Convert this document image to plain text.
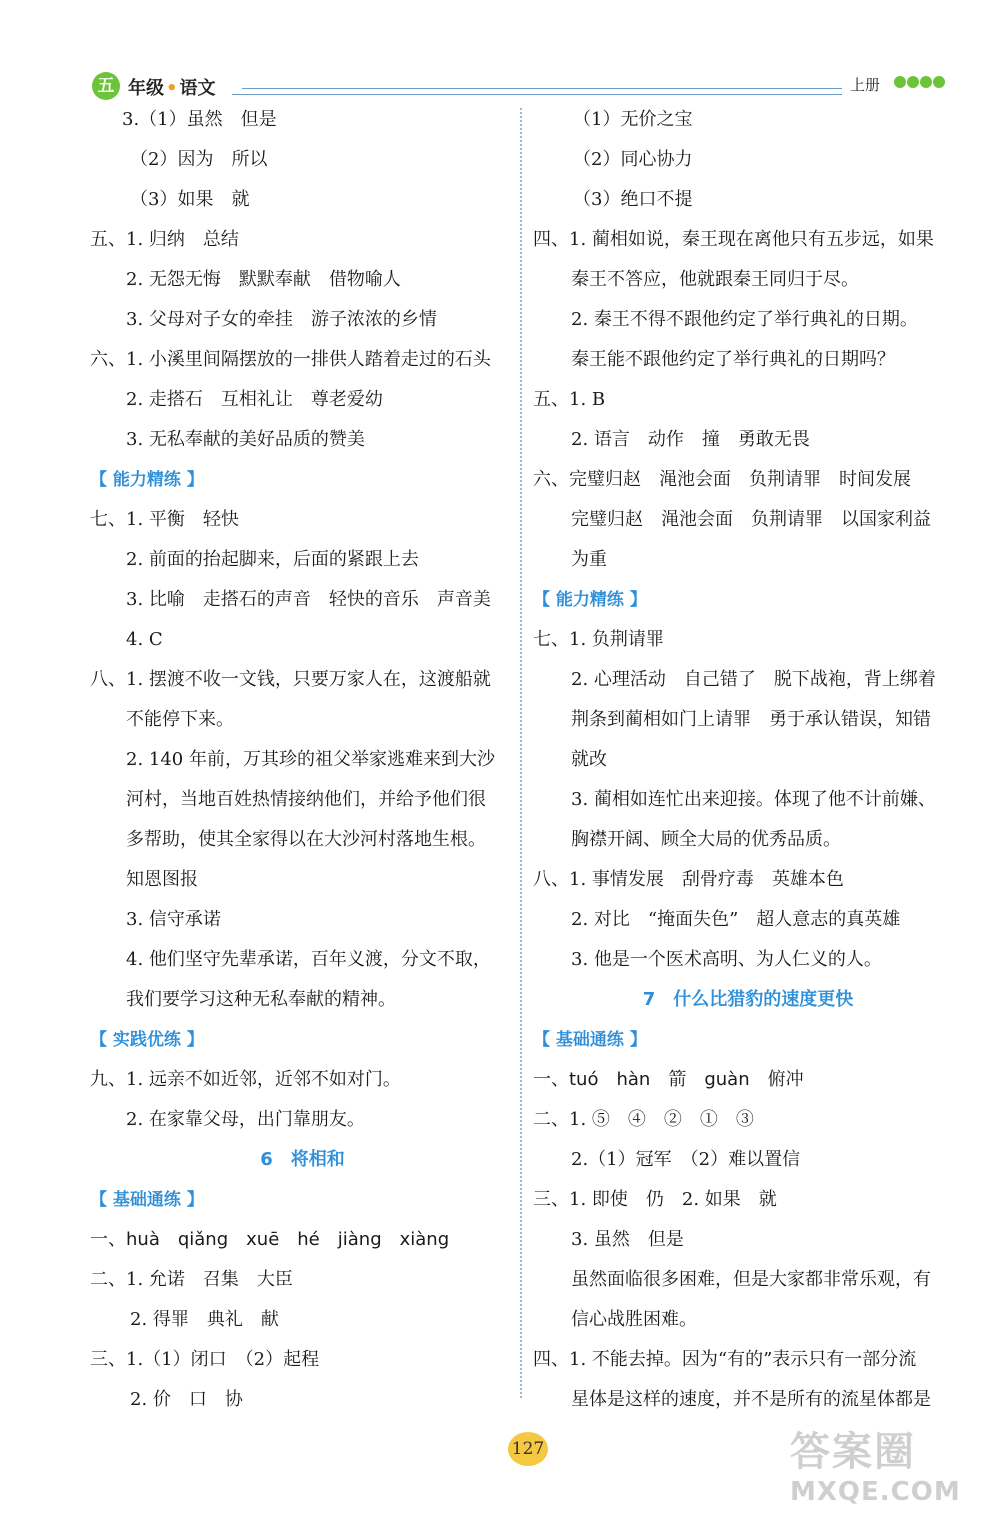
五 年级 • 语文	上册
3.（1）虽然　但是
（2）因为　所以
（3）如果　就
五、1. 归纳　总结
2. 无怨无悔　默默奉献　借物喻人
3. 父母对子女的牵挂　游子浓浓的乡情
六、1. 小溪里间隔摆放的一排供人踏着走过的石头
2. 走搭石　互相礼让　尊老爱幼
3. 无私奉献的美好品质的赞美
【 能力精练 】
七、1. 平衡　轻快
2. 前面的抬起脚来，后面的紧跟上去
3. 比喻　走搭石的声音　轻快的音乐　声音美
4. C
八、1. 摆渡不收一文钱，只要万家人在，这渡船就
不能停下来。
2. 140 年前，万其珍的祖父举家逃难来到大沙
河村，当地百姓热情接纳他们，并给予他们很
多帮助，使其全家得以在大沙河村落地生根。
知恩图报
3. 信守承诺
4. 他们坚守先辈承诺，百年义渡，分文不取，
我们要学习这种无私奉献的精神。
【 实践优练 】
九、1. 远亲不如近邻，近邻不如对门。
2. 在家靠父母，出门靠朋友。
6　将相和
【 基础通练 】
一、huà　qiǎng　xuē　hé　jiàng　xiàng
二、1. 允诺　召集　大臣
2. 得罪　典礼　献
三、1.（1）闭口　（2）起程
2. 价　口　协
（1）无价之宝
（2）同心协力
（3）绝口不提
四、1. 蔺相如说，秦王现在离他只有五步远，如果
秦王不答应，他就跟秦王同归于尽。
2. 秦王不得不跟他约定了举行典礼的日期。
秦王能不跟他约定了举行典礼的日期吗？
五、1. B
2. 语言　动作　撞　勇敢无畏
六、完璧归赵　渑池会面　负荆请罪　时间发展
完璧归赵　渑池会面　负荆请罪　以国家利益
为重
【 能力精练 】
七、1. 负荆请罪
2. 心理活动　自己错了　脱下战袍，背上绑着
荆条到蔺相如门上请罪　勇于承认错误，知错
就改
3. 蔺相如连忙出来迎接。体现了他不计前嫌、
胸襟开阔、顾全大局的优秀品质。
八、1. 事情发展　刮骨疗毒　英雄本色
2. 对比　“掩面失色”　超人意志的真英雄
3. 他是一个医术高明、为人仁义的人。
7　什么比猎豹的速度更快
【 基础通练 】
一、tuó　hàn　箭　guàn　俯冲
二、1. ⑤　④　②　①　③
2.（1）冠军　（2）难以置信
三、1. 即使　仍　2. 如果　就
3. 虽然　但是
虽然面临很多困难，但是大家都非常乐观，有
信心战胜困难。
四、1. 不能去掉。因为“有的”表示只有一部分流
星体是这样的速度，并不是所有的流星体都是
127	答案圈
MXQE.COM
